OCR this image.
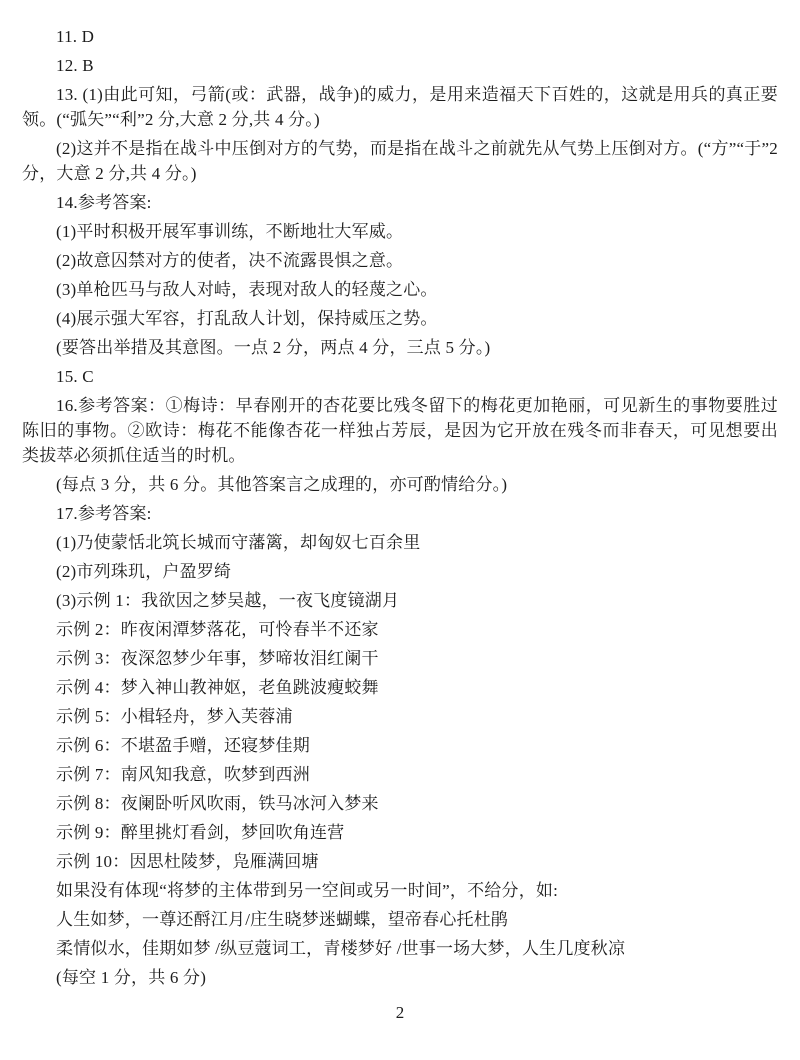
11. D

12. B

13. (1)由此可知，弓箭(或：武器，战争)的威力，是用来造福天下百姓的，这就是用兵的真正要领。(“弧矢”“利”2 分,大意 2 分,共 4 分。)

(2)这并不是指在战斗中压倒对方的气势，而是指在战斗之前就先从气势上压倒对方。(“方”“于”2 分，大意 2 分,共 4 分。)

14.参考答案:

(1)平时积极开展军事训练，不断地壮大军威。

(2)故意囚禁对方的使者，决不流露畏惧之意。

(3)单枪匹马与敌人对峙，表现对敌人的轻蔑之心。

(4)展示强大军容，打乱敌人计划，保持威压之势。

(要答出举措及其意图。一点 2 分，两点 4 分，三点 5 分。)

15. C

16.参考答案：①梅诗：早春刚开的杏花要比残冬留下的梅花更加艳丽，可见新生的事物要胜过陈旧的事物。②欧诗：梅花不能像杏花一样独占芳辰，是因为它开放在残冬而非春天，可见想要出类拔萃必须抓住适当的时机。

(每点 3 分，共 6 分。其他答案言之成理的，亦可酌情给分。)

17.参考答案:

(1)乃使蒙恬北筑长城而守藩篱，却匈奴七百余里

(2)市列珠玑，户盈罗绮

(3)示例 1：我欲因之梦吴越，一夜飞度镜湖月

示例 2：昨夜闲潭梦落花，可怜春半不还家

示例 3：夜深忽梦少年事，梦啼妆泪红阑干

示例 4：梦入神山教神妪，老鱼跳波瘦蛟舞

示例 5：小楫轻舟，梦入芙蓉浦

示例 6：不堪盈手赠，还寝梦佳期

示例 7：南风知我意，吹梦到西洲

示例 8：夜阑卧听风吹雨，铁马冰河入梦来

示例 9：醉里挑灯看剑，梦回吹角连营

示例 10：因思杜陵梦，凫雁满回塘

如果没有体现“将梦的主体带到另一空间或另一时间”，不给分，如:

人生如梦，一尊还酹江月/庄生晓梦迷蝴蝶，望帝春心托杜鹃

柔情似水，佳期如梦 /纵豆蔻词工，青楼梦好 /世事一场大梦，人生几度秋凉

(每空 1 分，共 6 分)

2
